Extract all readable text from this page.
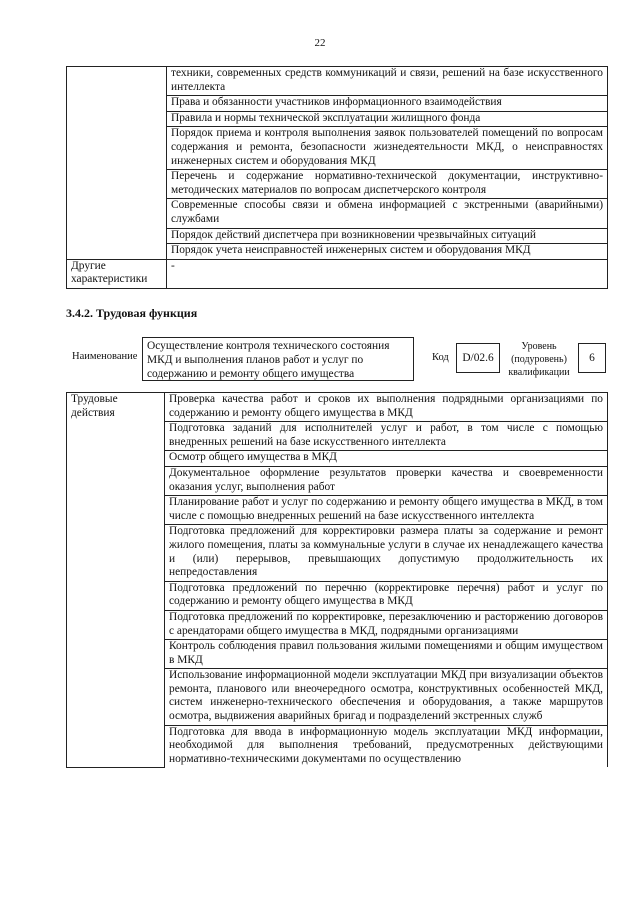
22
	техники, современных средств коммуникаций и связи, решений на базе искусственного интеллекта
	Права и обязанности участников информационного взаимодействия
	Правила и нормы технической эксплуатации жилищного фонда
	Порядок приема и контроля выполнения заявок пользователей помещений по вопросам содержания и ремонта, безопасности жизнедеятельности МКД, о неисправностях инженерных систем и оборудования МКД
	Перечень и содержание нормативно-технической документации, инструктивно-методических материалов по вопросам диспетчерского контроля
	Современные способы связи и обмена информацией с экстренными (аварийными) службами
	Порядок действий диспетчера при возникновении чрезвычайных ситуаций
	Порядок учета неисправностей инженерных систем и оборудования МКД
Другие характеристики	-
3.4.2. Трудовая функция
Наименование
Осуществление контроля технического состояния МКД и выполнения планов работ и услуг по содержанию и ремонту общего имущества
Код	D/02.6
Уровень (подуровень) квалификации
6
Трудовые действия	Проверка качества работ и сроков их выполнения подрядными организациями по содержанию и ремонту общего имущества в МКД
Подготовка заданий для исполнителей услуг и работ, в том числе с помощью внедренных решений на базе искусственного интеллекта
Осмотр общего имущества в МКД
Документальное оформление результатов проверки качества и своевременности оказания услуг, выполнения работ
Планирование работ и услуг по содержанию и ремонту общего имущества в МКД, в том числе с помощью внедренных решений на базе искусственного интеллекта
Подготовка предложений для корректировки размера платы за содержание и ремонт жилого помещения, платы за коммунальные услуги в случае их ненадлежащего качества и (или) перерывов, превышающих допустимую продолжительность их непредоставления
Подготовка предложений по перечню (корректировке перечня) работ и услуг по содержанию и ремонту общего имущества в МКД
Подготовка предложений по корректировке, перезаключению и расторжению договоров с арендаторами общего имущества в МКД, подрядными организациями
Контроль соблюдения правил пользования жилыми помещениями и общим имуществом в МКД
Использование информационной модели эксплуатации МКД при визуализации объектов ремонта, планового или внеочередного осмотра, конструктивных особенностей МКД, систем инженерно-технического обеспечения и оборудования, а также маршрутов осмотра, выдвижения аварийных бригад и подразделений экстренных служб
Подготовка для ввода в информационную модель эксплуатации МКД информации, необходимой для выполнения требований, предусмотренных действующими нормативно-техническими документами по осуществлению
